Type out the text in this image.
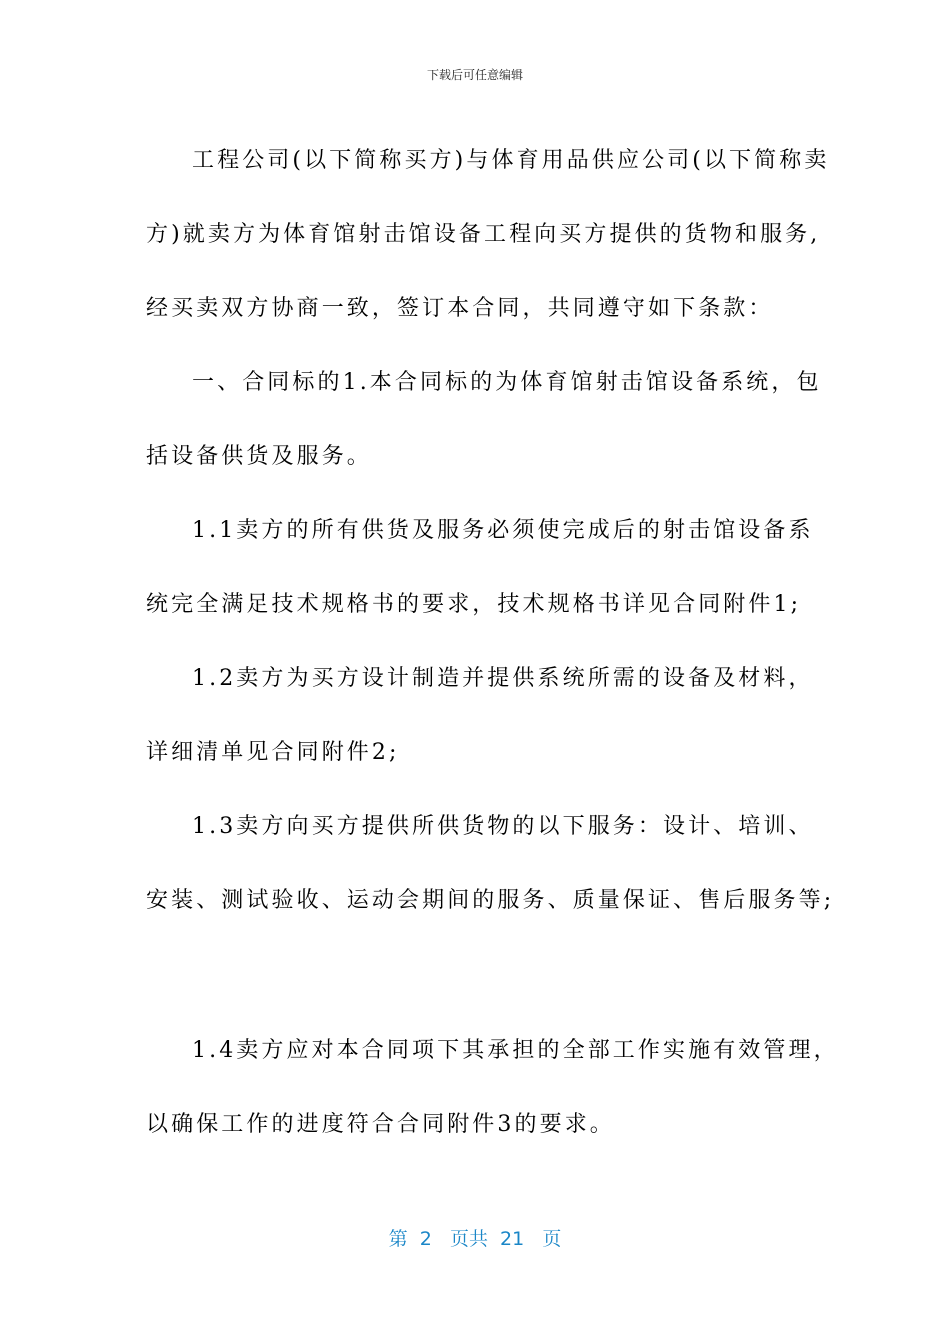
下载后可任意编辑
工程公司(以下简称买方)与体育用品供应公司(以下简称卖
方)就卖方为体育馆射击馆设备工程向买方提供的货物和服务,
经买卖双方协商一致，签订本合同，共同遵守如下条款：
一、合同标的1.本合同标的为体育馆射击馆设备系统，包
括设备供货及服务。
1.1卖方的所有供货及服务必须使完成后的射击馆设备系
统完全满足技术规格书的要求，技术规格书详见合同附件1;
1.2卖方为买方设计制造并提供系统所需的设备及材料，
详细清单见合同附件2;
1.3卖方向买方提供所供货物的以下服务：设计、培训、
安装、测试验收、运动会期间的服务、质量保证、售后服务等;
1.4卖方应对本合同项下其承担的全部工作实施有效管理，
以确保工作的进度符合合同附件3的要求。
第  2   页共  21   页
